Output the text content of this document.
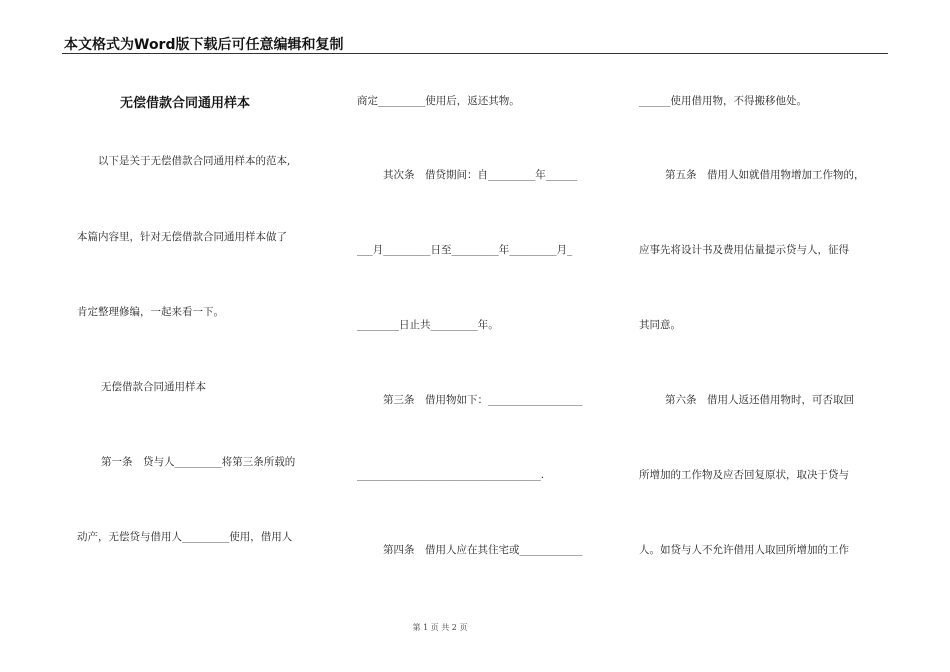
本文格式为Word版下载后可任意编辑和复制
无偿借款合同通用样本
以下是关于无偿借款合同通用样本的范本,
本篇内容里，针对无偿借款合同通用样本做了
肯定整理修编，一起来看一下。
无偿借款合同通用样本
第一条　贷与人_________将第三条所载的
动产，无偿贷与借用人_________使用，借用人
商定_________使用后，返还其物。
其次条　借贷期间：自_________年______
___月_________日至_________年_________月_
________日止共_________年。
第三条　借用物如下：__________________
___________________________________.
第四条　借用人应在其住宅或____________
______使用借用物，不得搬移他处。
第五条　借用人如就借用物增加工作物的，
应事先将设计书及费用估量提示贷与人，征得
其同意。
第六条　借用人返还借用物时，可否取回
所增加的工作物及应否回复原状，取决于贷与
人。如贷与人不允许借用人取回所增加的工作
第 1 页 共 2 页
